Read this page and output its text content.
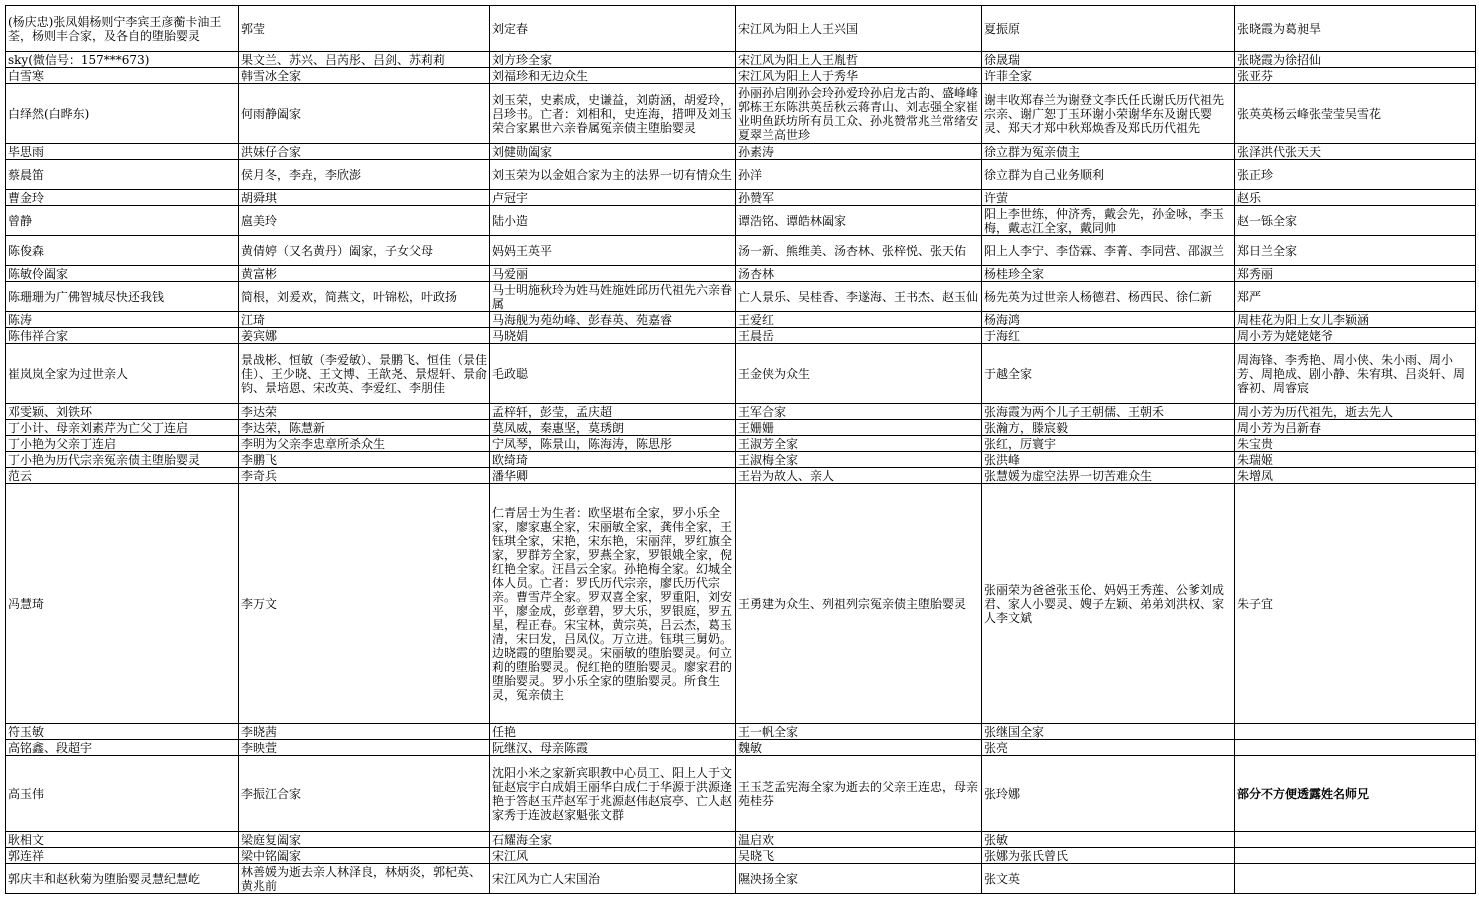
(杨庆忠)张凤娟杨则宁李宾王彦蘅卡油王荃，杨则丰合家，及各自的堕胎婴灵	郭莹	刘定春	宋江风为阳上人王兴国	夏振原	张晓霞为葛昶旱
sky(微信号：157***673)	果文兰、苏兴、吕芮彤、吕剑、苏莉莉	刘方珍全家	宋江风为阳上人王胤哲	徐晟瑞	张晓霞为徐招仙
白雪寒	韩雪冰全家	刘福珍和无边众生	宋江风为阳上人于秀华	许菲全家	张亚芬
白绎然(白晔东)	何雨静阖家	刘玉荣，史素成，史谦益，刘蔚涵，胡爱玲，吕珍书。亡者：刘相和，史连海，措呷及刘玉荣合家累世六亲眷属冤亲债主堕胎婴灵	孙丽孙启刚孙会玲孙爱玲孙启龙古韵、盛峰峰郭栋王东陈洪英岳秋云蒋青山、刘志强全家崔业明鱼跃坊所有员工众、孙兆赞常兆兰常绪安夏翠兰高世珍	谢丰收郑春兰为谢登文李氏任氏谢氏历代祖先宗亲、谢广恕丁玉环谢小荣谢华东及谢氏婴灵、郑天才郑中秋郑焕香及郑氏历代祖先	张英英杨云峰张莹莹吴雪花
毕思雨	洪妹仔合家	刘健勋阖家	孙素涛	徐立群为冤亲债主	张泽洪代张天天
蔡晨笛	侯月冬，李垚，李欣澎	刘玉荣为以金姐合家为主的法界一切有情众生	孙洋	徐立群为自己业务顺利	张正珍
曹金玲	胡舜琪	卢冠宇	孙赞军	许萤	赵乐
曾静	扈美玲	陆小造	谭浩铭、谭皓林阖家	阳上李世练，仲济秀，戴会先，孙金咏，李玉梅，戴志江全家，戴同帅	赵一铄全家
陈俊森	黄倩婷（又名黄丹）阖家，子女父母	妈妈王英平	汤一新、熊维美、汤杏林、张梓悦、张天佑	阳上人李宁、李岱霖、李菁、李同营、邵淑兰	郑日兰全家
陈敏伶阖家	黄富彬	马爱丽	汤杏林	杨桂珍全家	郑秀丽
陈珊珊为广佛智城尽快还我钱	简根，刘爰欢，简燕文，叶锦松，叶政扬	马士明施秋玲为姓马姓施姓邱历代祖先六亲眷属	亡人景乐、吴桂香、李遂海、王书杰、赵玉仙	杨先英为过世亲人杨德君、杨西民、徐仁新	郑严
陈涛	江琦	马海舰为苑幼峰、彭春英、苑嘉睿	王爱红	杨海鸿	周桂花为阳上女儿李颖涵
陈伟祥合家	姜宾娜	马晓娟	王晨岳	于海红	周小芳为姥姥姥爷
崔岚岚全家为过世亲人	景战彬、恒敏（李爱敏）、景鹏飞、恒佳（景佳佳）、王少晓、王文博、王歆尧、景煜轩、景俞钧、景培恩、宋改英、李爱红、李朋佳	毛政聪	王金侠为众生	于越全家	周海锋、李秀艳、周小侠、朱小雨、周小芳、周艳成、剧小静、朱宥琪、吕炎轩、周睿初、周睿宸
邓雯颖、刘铁环	李达荣	孟梓轩，彭莹，孟庆超	王军合家	张海霞为两个儿子王朝儒、王朝禾	周小芳为历代祖先，逝去先人
丁小计、母亲刘素芹为亡父丁连启	李达荣，陈慧新	莫凤威，秦惠坚，莫琇朗	王姗姗	张瀚方，滕宸毅	周小芳为吕新春
丁小艳为父亲丁连启	李明为父亲李忠章所杀众生	宁凤琴，陈景山，陈海涛，陈思彤	王淑芳全家	张红，厉寰宇	朱宝贵
丁小艳为历代宗亲冤亲债主堕胎婴灵	李鹏飞	欧绮琦	王淑梅全家	张洪峰	朱瑞姬
范云	李奇兵	潘华卿	王岩为故人、亲人	张慧媛为虚空法界一切苦难众生	朱增凤
冯慧琦	李万文	仁青居士为生者：欧坚堪布全家，罗小乐全家，廖家惠全家，宋丽敏全家，龚伟全家，王钰琪全家，宋艳，宋东艳，宋丽萍，罗红旗全家，罗群芳全家，罗燕全家，罗银娥全家，倪红艳全家。汪昌云全家。孙艳梅全家。幻城全体人员。亡者：罗氏历代宗亲，廖氏历代宗亲。曹雪芹全家。罗双喜全家，罗重阳，刘安平，廖金成，彭章碧，罗大乐，罗银庭，罗五星，程正春。宋宝林，黄宗英，吕云杰，葛玉清，宋曰发，吕凤仪。万立进。钰琪三舅奶。边晓霞的堕胎婴灵。宋丽敏的堕胎婴灵。何立莉的堕胎婴灵。倪红艳的堕胎婴灵。廖家君的堕胎婴灵。罗小乐全家的堕胎婴灵。所食生灵，冤亲债主	王勇建为众生、列祖列宗冤亲债主堕胎婴灵	张丽荣为爸爸张玉伦、妈妈王秀莲、公爹刘成君、家人小婴灵、嫂子左颖、弟弟刘洪权、家人李文斌	朱子宜
符玉敏	李晓茜	任艳	王一帆全家	张继国全家	
高铭鑫、段超宇	李映萱	阮继汉、母亲陈霞	魏敏	张亮	
高玉伟	李振江合家	沈阳小米之家新宾职教中心员工、阳上人于文钲赵宸宇白成娟王丽华白成仁于华源于洪源逄艳于答赵玉芹赵军于兆源赵伟赵宸亭、亡人赵家秀于连波赵家魁张文群	王玉芝孟宪海全家为逝去的父亲王连忠，母亲苑桂芬	张玲娜	部分不方便透露姓名师兄
耿相文	梁庭复阖家	石耀海全家	温启欢	张敏	
郭连祥	梁中铭阖家	宋江风	吴晓飞	张娜为张氏曾氏	
郭庆丰和赵秋菊为堕胎婴灵慧纪慧屹	林善媛为逝去亲人林泽良，林炳炎，郭杞英、黄兆前	宋江风为亡人宋国治	隰泱扬全家	张文英	
